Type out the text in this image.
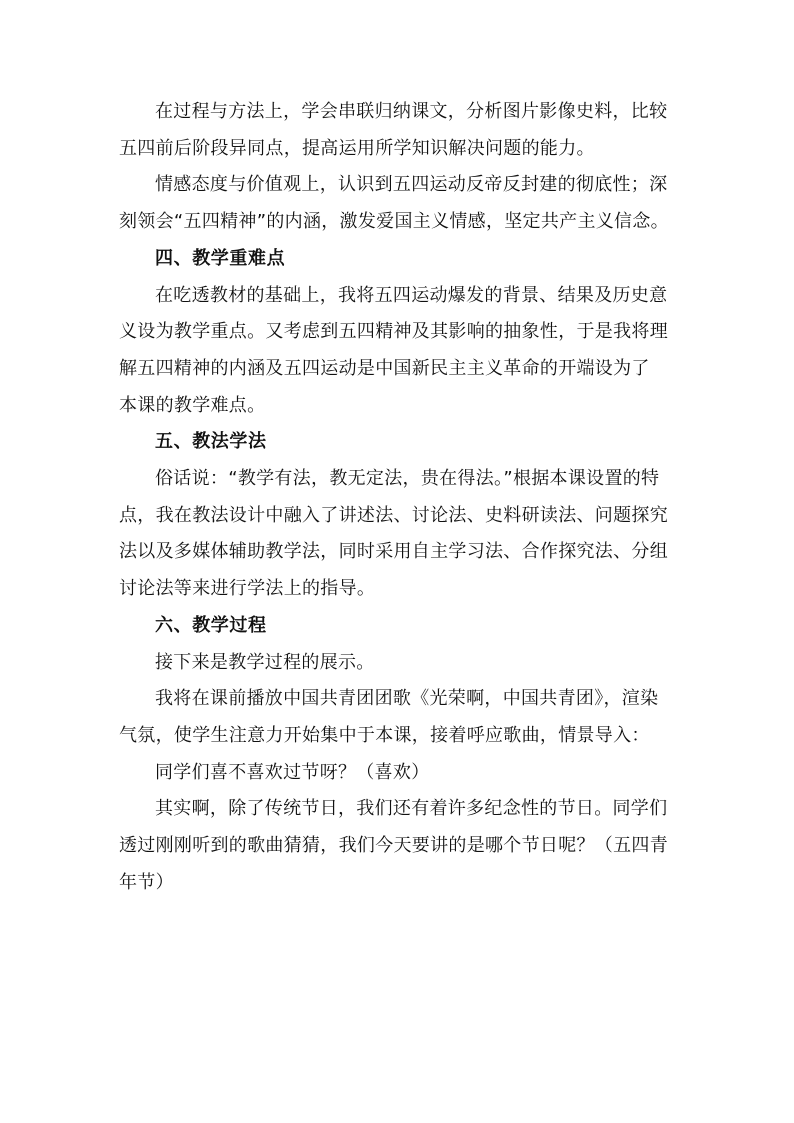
在过程与方法上，学会串联归纳课文，分析图片影像史料，比较
五四前后阶段异同点，提高运用所学知识解决问题的能力。

情感态度与价值观上，认识到五四运动反帝反封建的彻底性；深
刻领会“五四精神”的内涵，激发爱国主义情感，坚定共产主义信念。

四、教学重难点

在吃透教材的基础上，我将五四运动爆发的背景、结果及历史意
义设为教学重点。又考虑到五四精神及其影响的抽象性，于是我将理
解五四精神的内涵及五四运动是中国新民主主义革命的开端设为了
本课的教学难点。

五、教法学法

俗话说：“教学有法，教无定法，贵在得法。”根据本课设置的特
点，我在教法设计中融入了讲述法、讨论法、史料研读法、问题探究
法以及多媒体辅助教学法，同时采用自主学习法、合作探究法、分组
讨论法等来进行学法上的指导。

六、教学过程

接下来是教学过程的展示。

我将在课前播放中国共青团团歌《光荣啊，中国共青团》，渲染
气氛，使学生注意力开始集中于本课，接着呼应歌曲，情景导入：

同学们喜不喜欢过节呀？（喜欢）

其实啊，除了传统节日，我们还有着许多纪念性的节日。同学们
透过刚刚听到的歌曲猜猜，我们今天要讲的是哪个节日呢？（五四青
年节）
